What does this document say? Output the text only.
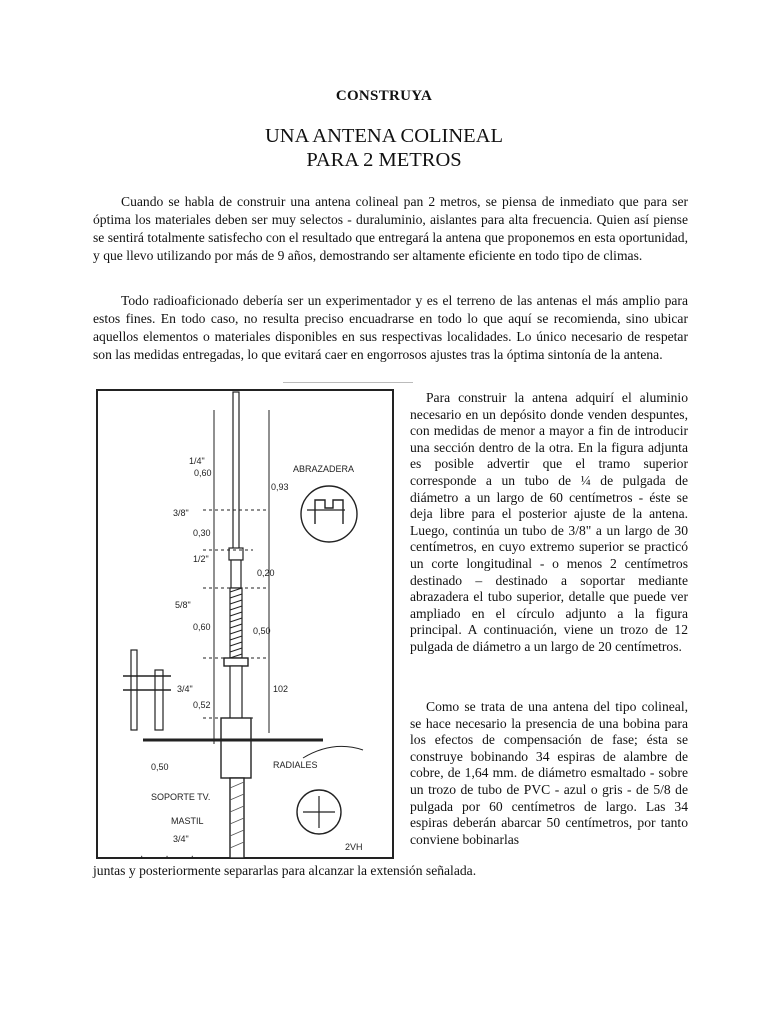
CONSTRUYA
UNA ANTENA COLINEAL
PARA 2 METROS

Cuando se habla de construir una antena colineal pan 2 metros, se piensa de inmediato que para ser óptima los materiales deben ser muy selectos - duraluminio, aislantes para alta frecuencia. Quien así piense se sentirá totalmente satisfecho con el resultado que entregará la antena que proponemos en esta oportunidad, y que llevo utilizando por más de 9 años, demostrando ser altamente eficiente en todo tipo de climas.

Todo radioaficionado debería ser un experimentador y es el terreno de las antenas el más amplio para estos fines. En todo caso, no resulta preciso encuadrarse en todo lo que aquí se recomienda, sino ubicar aquellos elementos o materiales disponibles en sus respectivas localidades. Lo único necesario de respetar son las medidas entregadas, lo que evitará caer en engorrosos ajustes tras la óptima sintonía de la antena.

1/4"
0,60
3/8"
0,30
1/2"
5/8"
0,60
3/4"
0,52
0,50
0,93
0,20
0,50
102
ABRAZADERA
RADIALES
SOPORTE TV.
MASTIL
3/4"
2VH

Para construir la antena adquirí el aluminio necesario en un depósito donde venden despuntes, con medidas de menor a mayor a fin de introducir una sección dentro de la otra. En la figura adjunta es posible advertir que el tramo superior corresponde a un tubo de ¼ de pulgada de diámetro a un largo de 60 centímetros - éste se deja libre para el posterior ajuste de la antena. Luego, continúa un tubo de 3/8" a un largo de 30 centímetros, en cuyo extremo superior se practicó un corte longitudinal - o menos 2 centímetros destinado – destinado a soportar mediante abrazadera el tubo superior, detalle que puede ver ampliado en el círculo adjunto a la figura principal. A continuación, viene un trozo de 12 pulgada de diámetro a un largo de 20 centímetros.

Como se trata de una antena del tipo colineal, se hace necesario la presencia de una bobina para los efectos de compensación de fase; ésta se construye bobinando 34 espiras de alambre de cobre, de 1,64 mm. de diámetro esmaltado - sobre un trozo de tubo de PVC - azul o gris - de 5/8 de pulgada por 60 centímetros de largo. Las 34 espiras deberán abarcar 50 centímetros, por tanto conviene bobinarlas

···

juntas y posteriormente separarlas para alcanzar la extensión señalada.
